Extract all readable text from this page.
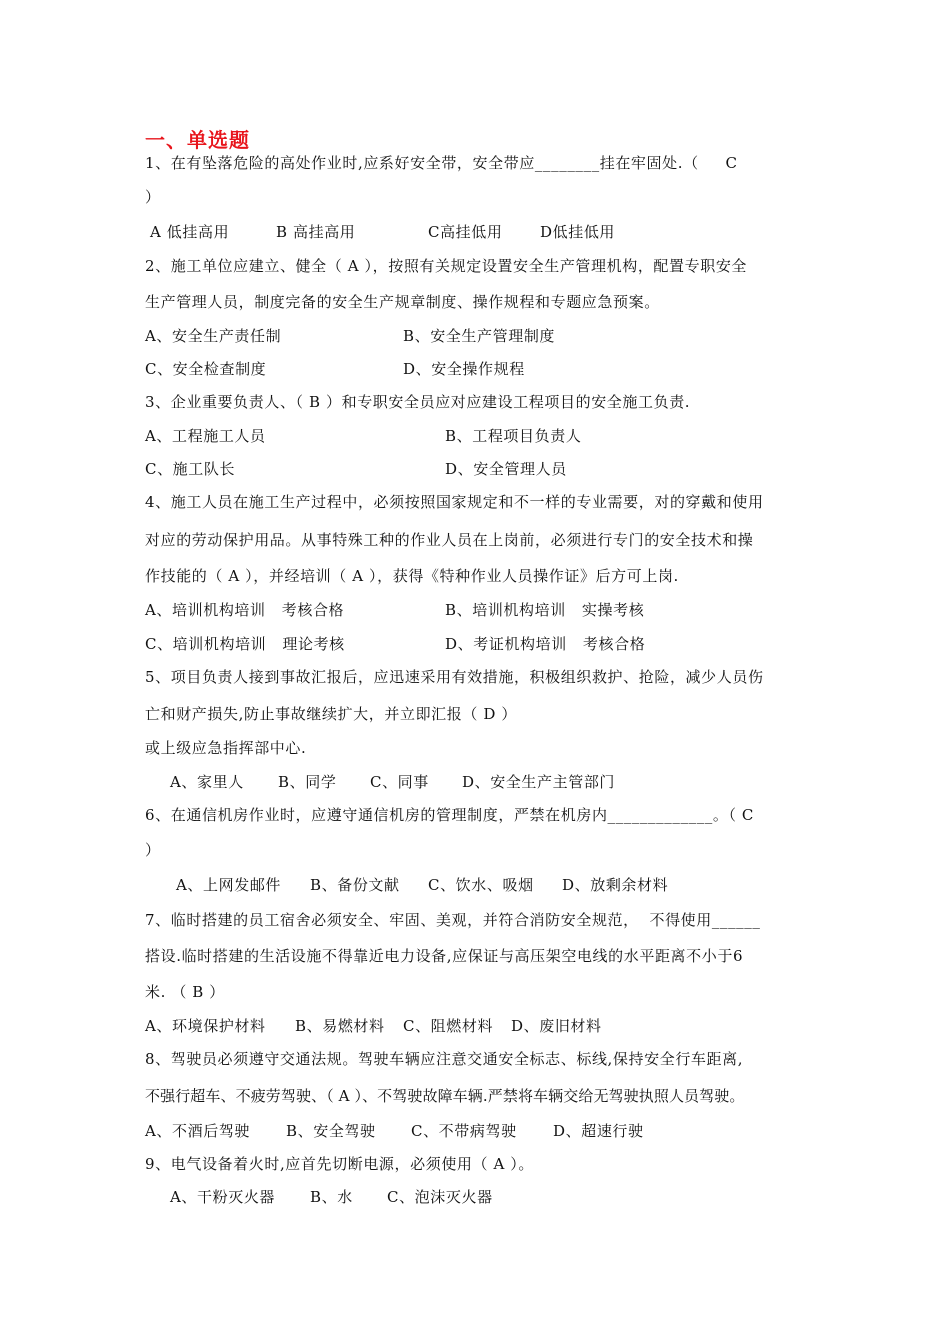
一、单选题
1、在有坠落危险的高处作业时,应系好安全带，安全带应________挂在牢固处.（     C
）
A 低挂高用	B 高挂高用	C高挂低用	D低挂低用
2、施工单位应建立、健全（ A ），按照有关规定设置安全生产管理机构，配置专职安全
生产管理人员，制度完备的安全生产规章制度、操作规程和专题应急预案。
A、安全生产责任制	B、安全生产管理制度
C、安全检查制度	D、安全操作规程
3、企业重要负责人、（ B ）和专职安全员应对应建设工程项目的安全施工负责.
A、工程施工人员	B、工程项目负责人
C、施工队长	D、安全管理人员
4、施工人员在施工生产过程中，必须按照国家规定和不一样的专业需要，对的穿戴和使用
对应的劳动保护用品。从事特殊工种的作业人员在上岗前，必须进行专门的安全技术和操
作技能的（ A ），并经培训（ A ），获得《特种作业人员操作证》后方可上岗.
A、培训机构培训   考核合格	B、培训机构培训   实操考核
C、培训机构培训   理论考核	D、考证机构培训   考核合格
5、项目负责人接到事故汇报后，应迅速采用有效措施，积极组织救护、抢险，减少人员伤
亡和财产损失,防止事故继续扩大，并立即汇报（ D ）
或上级应急指挥部中心.
A、家里人 B、同学 C、同事 D、安全生产主管部门
6、在通信机房作业时，应遵守通信机房的管理制度，严禁在机房内_____________。（ C
）
A、上网发邮件 B、备份文献 C、饮水、吸烟 D、放剩余材料
7、临时搭建的员工宿舍必须安全、牢固、美观，并符合消防安全规范，  不得使用______
搭设.临时搭建的生活设施不得靠近电力设备,应保证与高压架空电线的水平距离不小于6
米. （ B ）
A、环境保护材料 B、易燃材料 C、阻燃材料 D、废旧材料
8、驾驶员必须遵守交通法规。驾驶车辆应注意交通安全标志、标线,保持安全行车距离,
不强行超车、不疲劳驾驶、（ A ）、不驾驶故障车辆.严禁将车辆交给无驾驶执照人员驾驶。
A、不酒后驾驶 B、安全驾驶 C、不带病驾驶 D、超速行驶
9、电气设备着火时,应首先切断电源，必须使用（ A ）。
A、干粉灭火器 B、水 C、泡沫灭火器
